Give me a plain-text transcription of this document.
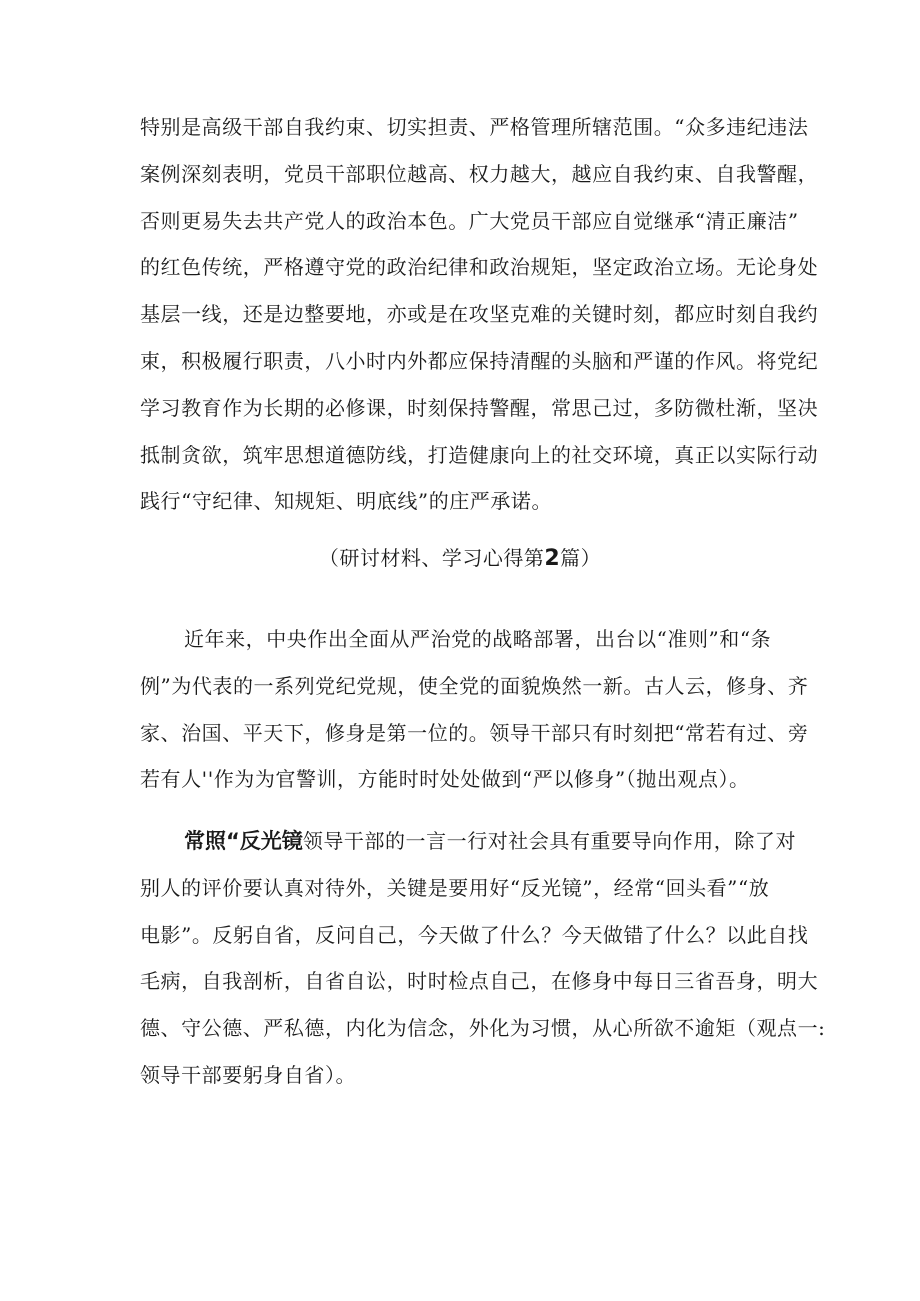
特别是高级干部自我约束、切实担责、严格管理所辖范围。“众多违纪违法
案例深刻表明，党员干部职位越高、权力越大，越应自我约束、自我警醒，
否则更易失去共产党人的政治本色。广大党员干部应自觉继承“清正廉洁”
的红色传统，严格遵守党的政治纪律和政治规矩，坚定政治立场。无论身处
基层一线，还是边整要地，亦或是在攻坚克难的关键时刻，都应时刻自我约
束，积极履行职责，八小时内外都应保持清醒的头脑和严谨的作风。将党纪
学习教育作为长期的必修课，时刻保持警醒，常思己过，多防微杜渐，坚决
抵制贪欲，筑牢思想道德防线，打造健康向上的社交环境，真正以实际行动
践行“守纪律、知规矩、明底线”的庄严承诺。
（研讨材料、学习心得第2篇）
近年来，中央作出全面从严治党的战略部署，出台以“准则”和“条
例”为代表的一系列党纪党规，使全党的面貌焕然一新。古人云，修身、齐
家、治国、平天下，修身是第一位的。领导干部只有时刻把“常若有过、旁
若有人''作为为官警训，方能时时处处做到“严以修身”（抛出观点）。
常照“反光镜领导干部的一言一行对社会具有重要导向作用，除了对
别人的评价要认真对待外，关键是要用好“反光镜”，经常“回头看”“放
电影”。反躬自省，反问自己，今天做了什么？今天做错了什么？以此自找
毛病，自我剖析，自省自讼，时时检点自己，在修身中每日三省吾身，明大
德、守公德、严私德，内化为信念，外化为习惯，从心所欲不逾矩（观点一:
领导干部要躬身自省）。
